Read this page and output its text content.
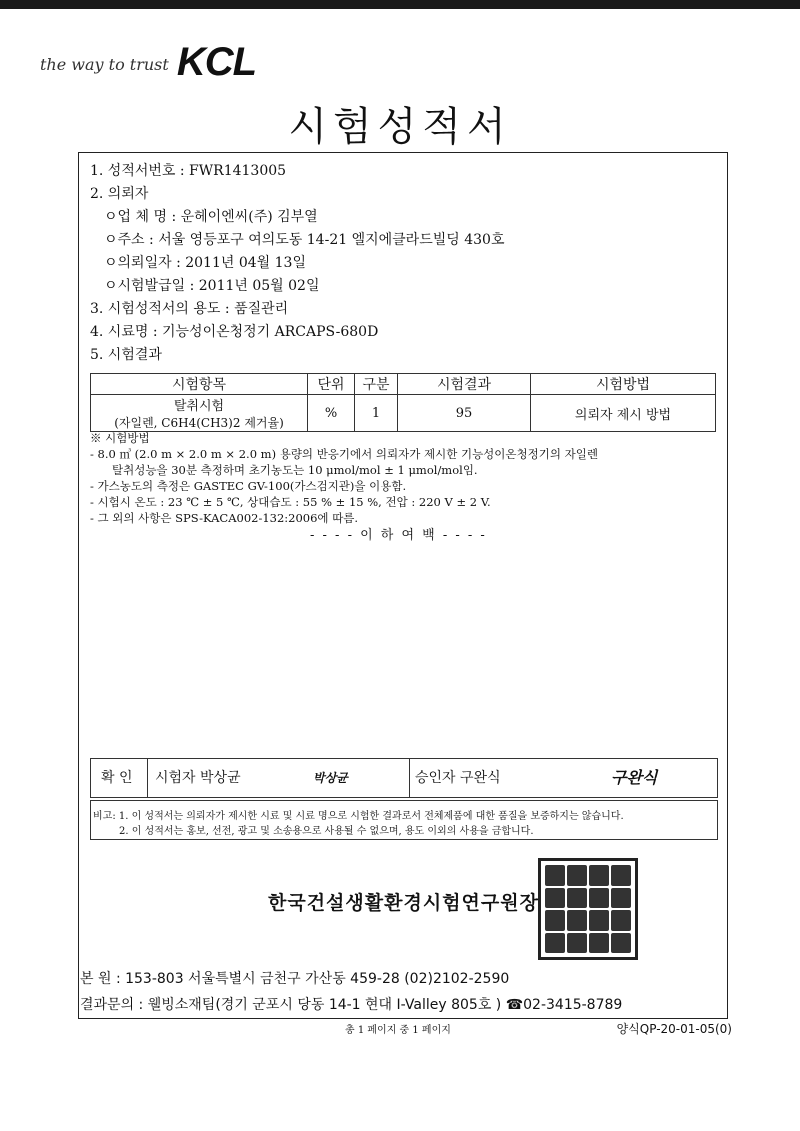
the way to trust KCL
시험성적서
1. 성적서번호 : FWR1413005
2. 의뢰자
ㅇ업 체 명 : 운헤이엔씨(주) 김부열
ㅇ주소 : 서울 영등포구 여의도동 14-21 엘지에클라드빌딩 430호
ㅇ의뢰일자 : 2011년 04월 13일
ㅇ시험발급일 : 2011년 05월 02일
3. 시험성적서의 용도 : 품질관리
4. 시료명 : 기능성이온청정기 ARCAPS-680D
5. 시험결과
시험항목	단위	구분	시험결과	시험방법

탈취시험
(자일렌, C6H4(CH3)2 제거율)	%	1	95	의뢰자 제시 방법
※ 시험방법
- 8.0 ㎥ (2.0 m × 2.0 m × 2.0 m) 용량의 반응기에서 의뢰자가 제시한 기능성이온청정기의 자일렌
탈취성능을 30분 측정하며 초기농도는 10 μmol/mol ± 1 μmol/mol임.
- 가스농도의 측정은 GASTEC GV-100(가스검지관)을 이용함.
- 시험시 온도 : 23 ℃ ± 5 ℃, 상대습도 : 55 % ± 15 %, 전압 : 220 V ± 2 V.
- 그 외의 사항은 SPS-KACA002-132:2006에 따름.
- - - - 이 하 여 백 - - - -
확 인 시험자 박상균	박상균	승인자 구완식	구완식
비고: 1. 이 성적서는 의뢰자가 제시한 시료 및 시료 명으로 시험한 결과로서 전체제품에 대한 품질을 보증하지는 않습니다.
2. 이 성적서는 홍보, 선전, 광고 및 소송용으로 사용될 수 없으며, 용도 이외의 사용을 금합니다.
한국건설생활환경시험연구원장
본 원 : 153-803 서울특별시 금천구 가산동 459-28 (02)2102-2590
결과문의 : 웰빙소재팀(경기 군포시 당동 14-1 현대 I-Valley 805호 ) ☎02-3415-8789
총 1 페이지 중 1 페이지	양식QP-20-01-05(0)
